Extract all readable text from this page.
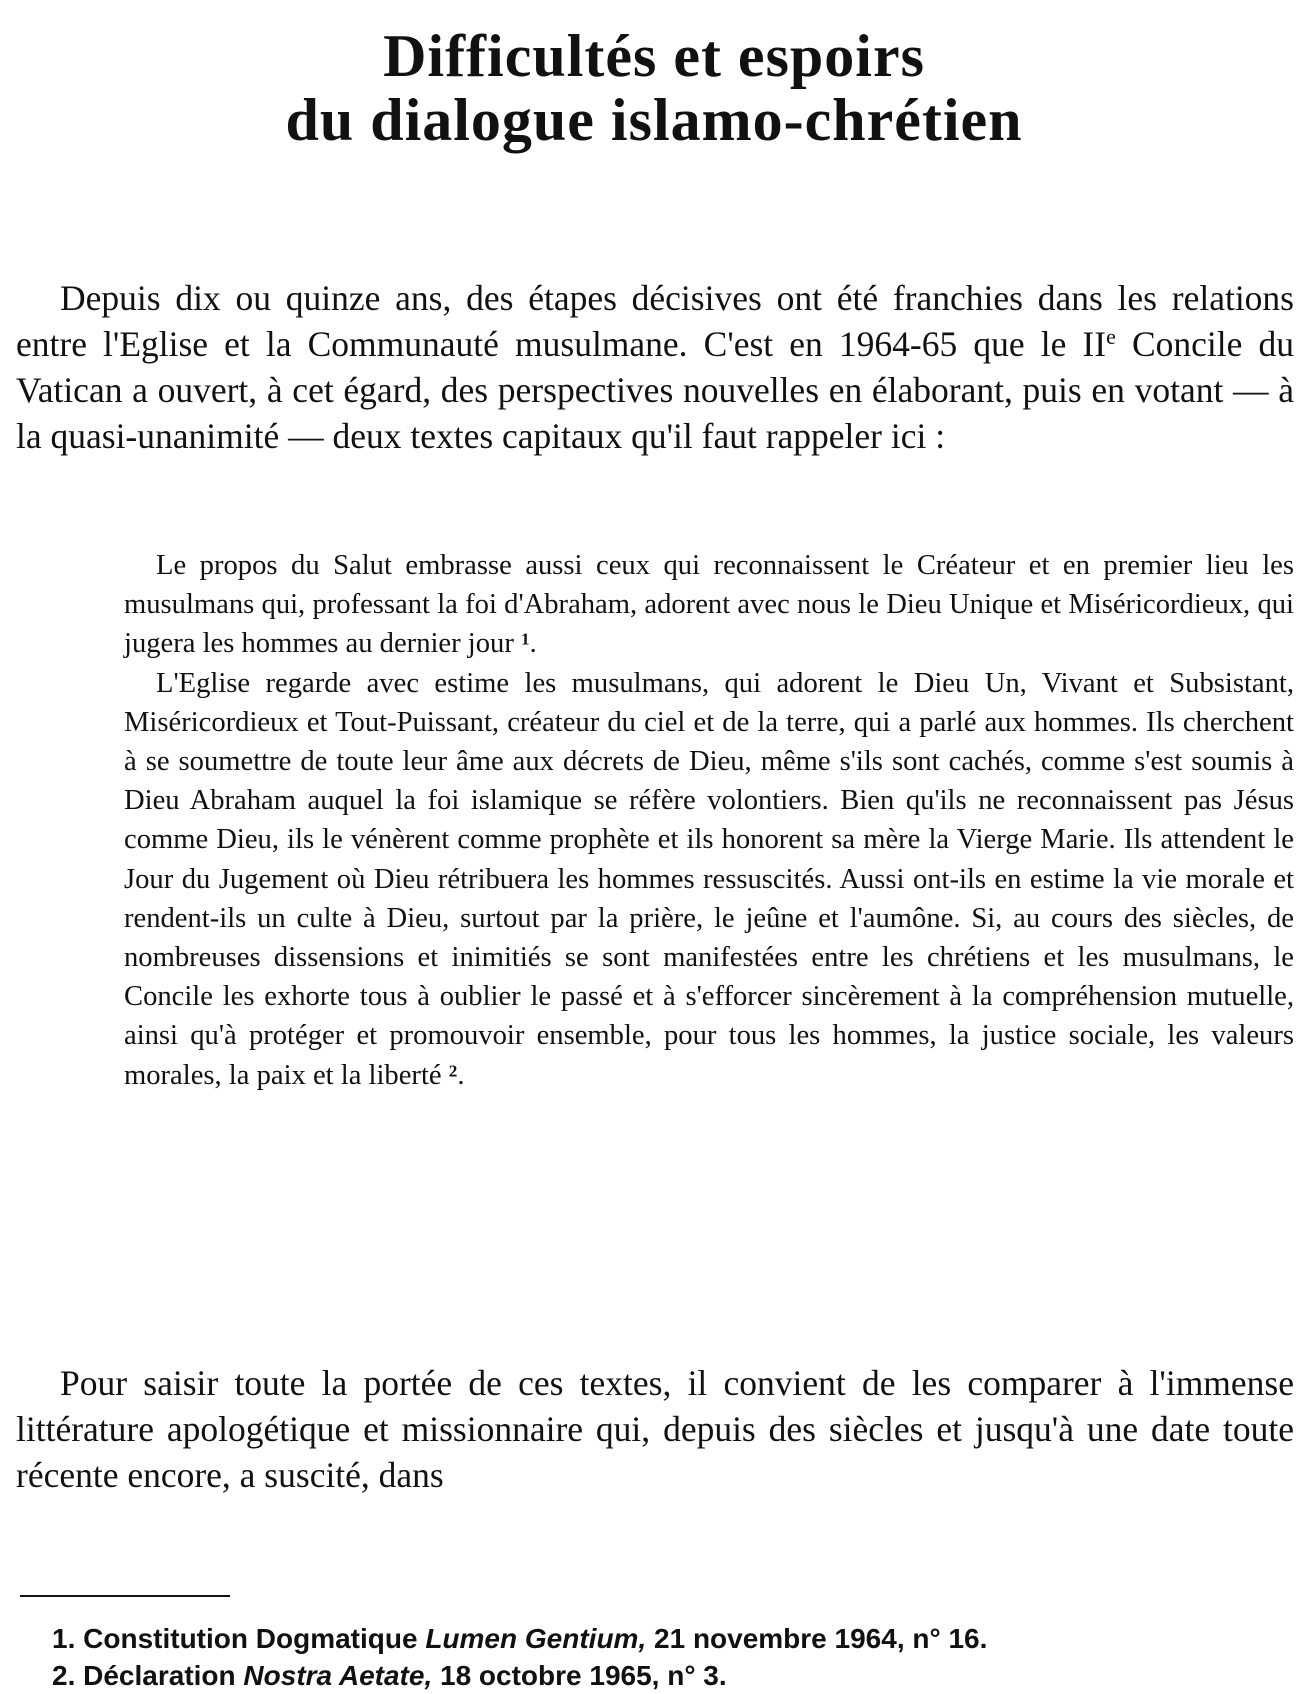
Difficultés et espoirs
du dialogue islamo-chrétien

Depuis dix ou quinze ans, des étapes décisives ont été franchies dans les relations entre l'Eglise et la Communauté musulmane. C'est en 1964-65 que le IIe Concile du Vatican a ouvert, à cet égard, des perspectives nouvelles en élaborant, puis en votant — à la quasi-unanimité — deux textes capitaux qu'il faut rappeler ici :

Le propos du Salut embrasse aussi ceux qui reconnaissent le Créateur et en premier lieu les musulmans qui, professant la foi d'Abraham, adorent avec nous le Dieu Unique et Miséricordieux, qui jugera les hommes au dernier jour $^1$.

L'Eglise regarde avec estime les musulmans, qui adorent le Dieu Un, Vivant et Subsistant, Miséricordieux et Tout-Puissant, créateur du ciel et de la terre, qui a parlé aux hommes. Ils cherchent à se soumettre de toute leur âme aux décrets de Dieu, même s'ils sont cachés, comme s'est soumis à Dieu Abraham auquel la foi islamique se réfère volontiers. Bien qu'ils ne reconnaissent pas Jésus comme Dieu, ils le vénèrent comme prophète et ils honorent sa mère la Vierge Marie. Ils attendent le Jour du Jugement où Dieu rétribuera les hommes ressuscités. Aussi ont-ils en estime la vie morale et rendent-ils un culte à Dieu, surtout par la prière, le jeûne et l'aumône. Si, au cours des siècles, de nombreuses dissensions et inimitiés se sont manifestées entre les chrétiens et les musulmans, le Concile les exhorte tous à oublier le passé et à s'efforcer sincèrement à la compréhension mutuelle, ainsi qu'à protéger et promouvoir ensemble, pour tous les hommes, la justice sociale, les valeurs morales, la paix et la liberté $^2$.

Pour saisir toute la portée de ces textes, il convient de les comparer à l'immense littérature apologétique et missionnaire qui, depuis des siècles et jusqu'à une date toute récente encore, a suscité, dans

1. Constitution Dogmatique Lumen Gentium, 21 novembre 1964, n° 16.
2. Déclaration Nostra Aetate, 18 octobre 1965, n° 3.
